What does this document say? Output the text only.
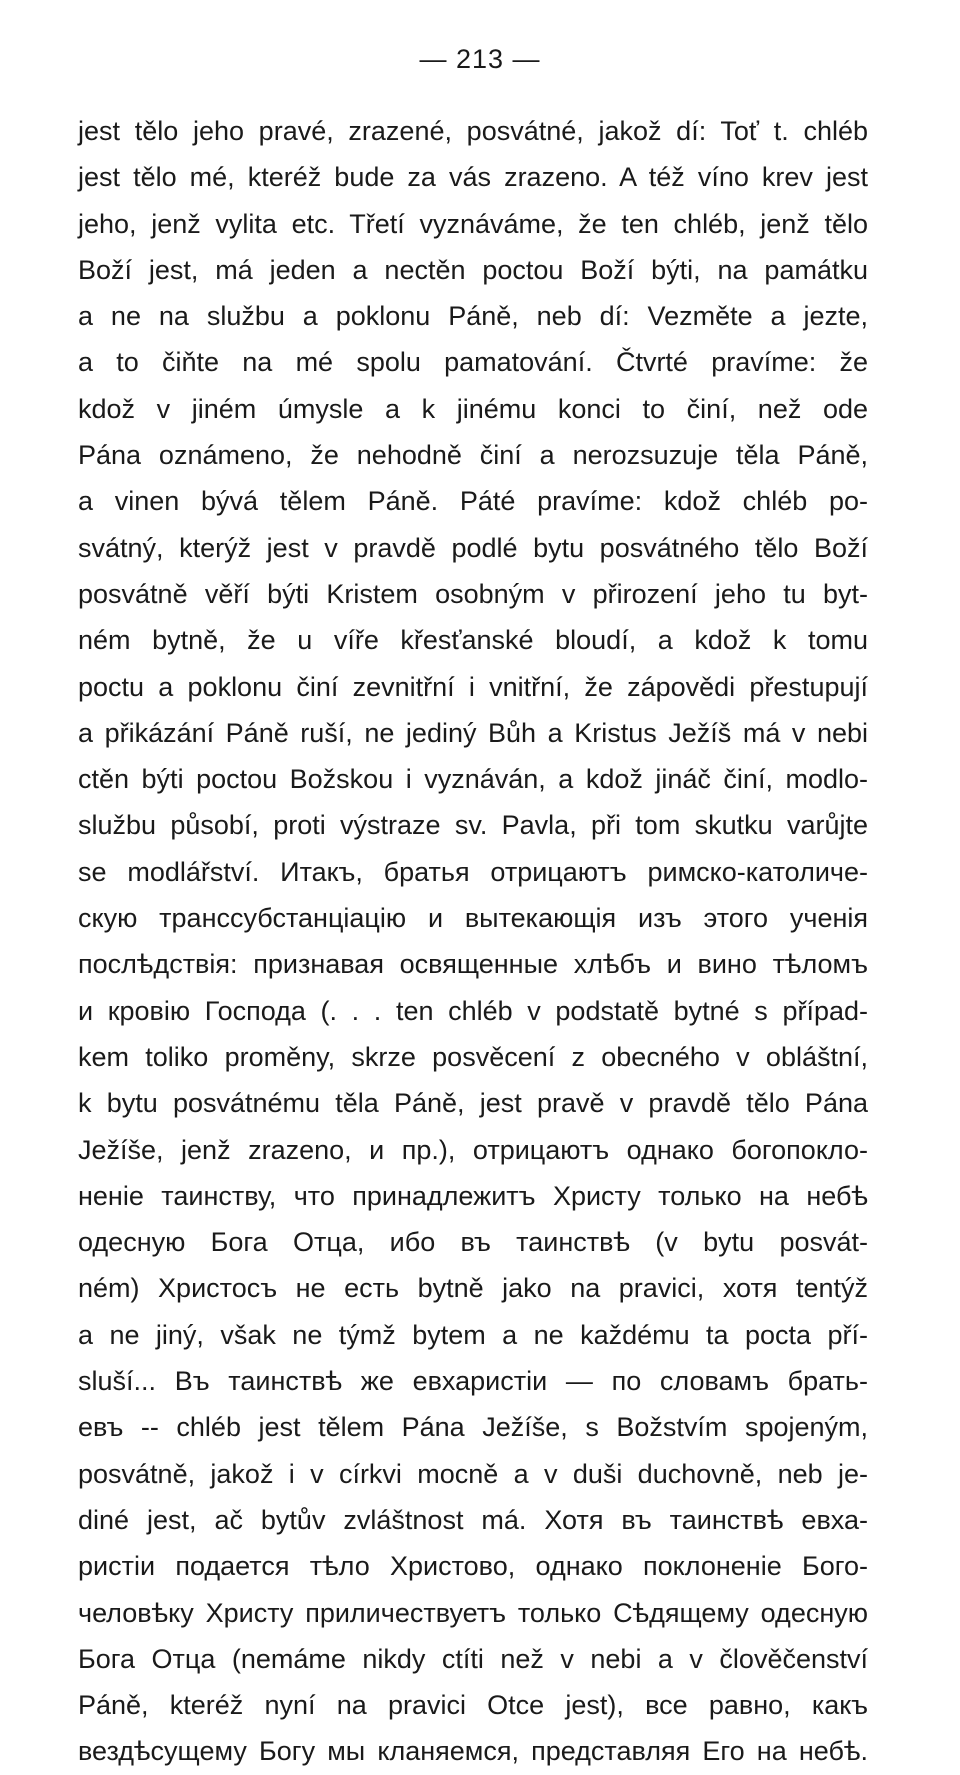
— 213 —
jest tělo jeho pravé, zrazené, posvátné, jakož dí: Toť t. chléb
jest tělo mé, kteréž bude za vás zrazeno. A též víno krev jest
jeho, jenž vylita etc. Třetí vyznáváme, že ten chléb, jenž tělo
Boží jest, má jeden a nectěn poctou Boží býti, na památku
a ne na službu a poklonu Páně, neb dí: Vezměte a jezte,
a to čiňte na mé spolu pamatování. Čtvrté pravíme: že
kdož v jiném úmysle a k jinému konci to činí, než ode
Pána oznámeno, že nehodně činí a nerozsuzuje těla Páně,
a vinen bývá tělem Páně. Páté pravíme: kdož chléb po-
svátný, kterýž jest v pravdě podlé bytu posvátného tělo Boží
posvátně věří býti Kristem osobným v přirození jeho tu byt-
ném bytně, že u víře křesťanské bloudí, a kdož k tomu
poctu a poklonu činí zevnitřní i vnitřní, že zápovědi přestupují
a přikázání Páně ruší, ne jediný Bůh a Kristus Ježíš má v nebi
ctěn býti poctou Božskou i vyznáván, a kdož jináč činí, modlo-
službu působí, proti výstraze sv. Pavla, při tom skutku varůjte
se modlářství. Итакъ, братья отрицаютъ римско-католиче-
скую транссубстанціацію и вытекающія изъ этого ученія
послѣдствія: признавая освященные хлѣбъ и вино тѣломъ
и кровію Господа (. . . ten chléb v podstatě bytné s případ-
kem toliko proměny, skrze posvěcení z obecného v obláštní,
k bytu posvátnému těla Páně, jest pravě v pravdě tělo Pána
Ježíše, jenž zrazeno, и пр.), отрицаютъ однако богопокло-
неніе таинству, что принадлежитъ Христу только на небѣ
одесную Бога Отца, ибо въ таинствѣ (v bytu posvát-
ném) Христосъ не есть bytně jako na pravici, хотя tentýž
a ne jiný, však ne týmž bytem a ne každému ta pocta pří-
sluší... Въ таинствѣ же евхаристіи — по словамъ брать-
евъ -- chléb jest tělem Pána Ježíše, s Božstvím spojeným,
posvátně, jakož i v církvi mocně a v duši duchovně, neb je-
diné jest, ač bytův zvláštnost má. Хотя въ таинствѣ евха-
ристіи подается тѣло Христово, однако поклоненіе Бого-
человѣку Христу приличествуетъ только Сѣдящему одесную
Бога Отца (nemáme nikdy ctíti než v nebi a v člověčenství
Páně, kteréž nyní na pravici Otce jest), все равно, какъ
вездѣсущему Богу мы кланяемся, представляя Его на небѣ.
